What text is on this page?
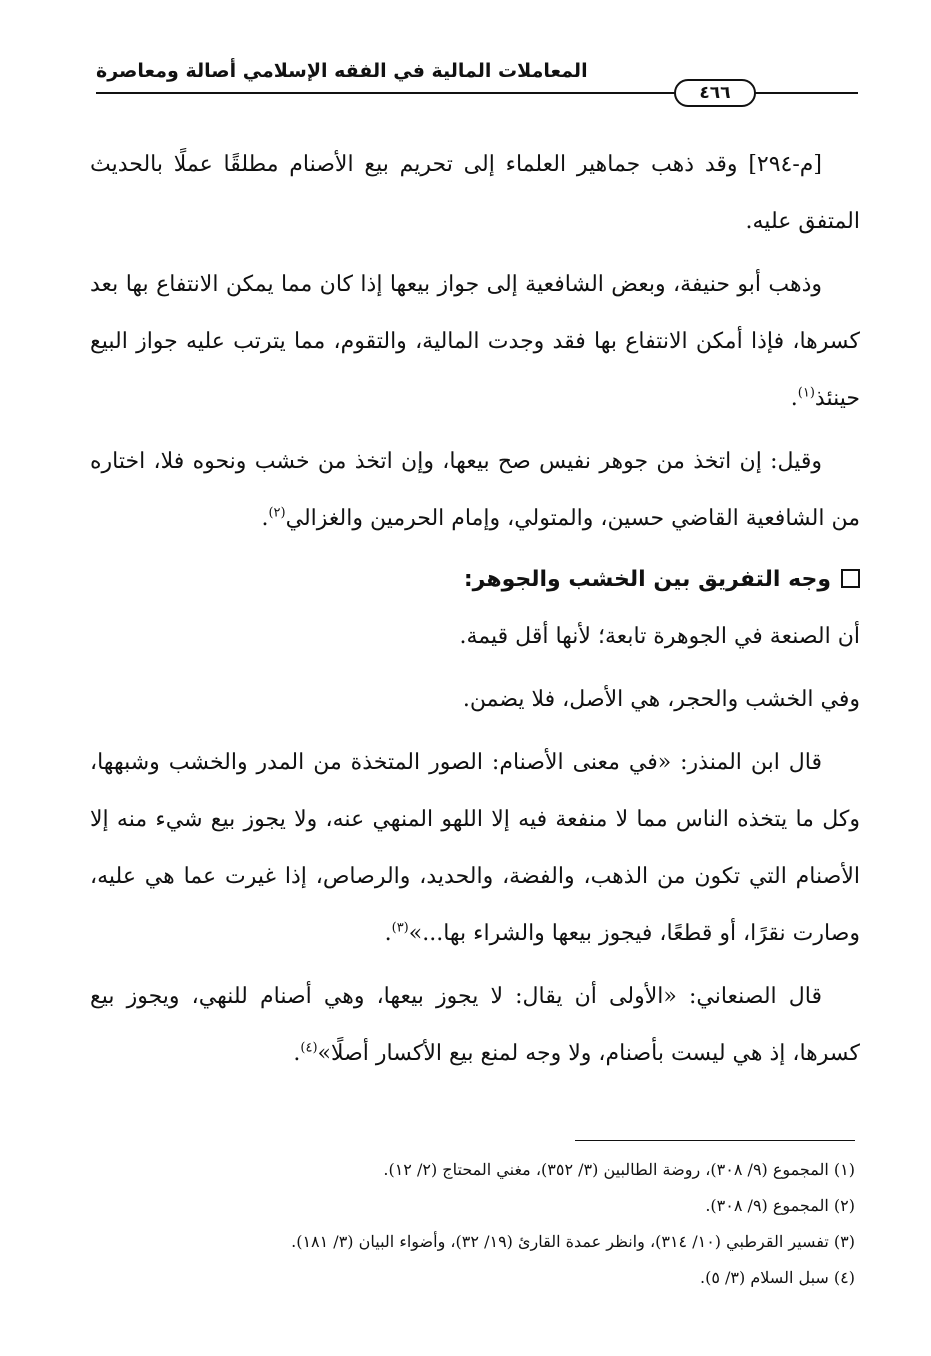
المعاملات المالية في الفقه الإسلامي أصالة ومعاصرة
٤٦٦

[م-٢٩٤] وقد ذهب جماهير العلماء إلى تحريم بيع الأصنام مطلقًا عملًا بالحديث المتفق عليه.

وذهب أبو حنيفة، وبعض الشافعية إلى جواز بيعها إذا كان مما يمكن الانتفاع بها بعد كسرها، فإذا أمكن الانتفاع بها فقد وجدت المالية، والتقوم، مما يترتب عليه جواز البيع حينئذ$^{(١)}$.

وقيل: إن اتخذ من جوهر نفيس صح بيعها، وإن اتخذ من خشب ونحوه فلا، اختاره من الشافعية القاضي حسين، والمتولي، وإمام الحرمين والغزالي$^{(٢)}$.

وجه التفريق بين الخشب والجوهر:

أن الصنعة في الجوهرة تابعة؛ لأنها أقل قيمة.

وفي الخشب والحجر، هي الأصل، فلا يضمن.

قال ابن المنذر: «في معنى الأصنام: الصور المتخذة من المدر والخشب وشبهها، وكل ما يتخذه الناس مما لا منفعة فيه إلا اللهو المنهي عنه، ولا يجوز بيع شيء منه إلا الأصنام التي تكون من الذهب، والفضة، والحديد، والرصاص، إذا غيرت عما هي عليه، وصارت نقرًا، أو قطعًا، فيجوز بيعها والشراء بها...»$^{(٣)}$.

قال الصنعاني: «الأولى أن يقال: لا يجوز بيعها، وهي أصنام للنهي، ويجوز بيع كسرها، إذ هي ليست بأصنام، ولا وجه لمنع بيع الأكسار أصلًا»$^{(٤)}$.

(١) المجموع (٩/ ٣٠٨)، روضة الطالبين (٣/ ٣٥٢)، مغني المحتاج (٢/ ١٢).

(٢) المجموع (٩/ ٣٠٨).

(٣) تفسير القرطبي (١٠/ ٣١٤)، وانظر عمدة القارئ (١٩/ ٣٢)، وأضواء البيان (٣/ ١٨١).

(٤) سبل السلام (٣/ ٥).
